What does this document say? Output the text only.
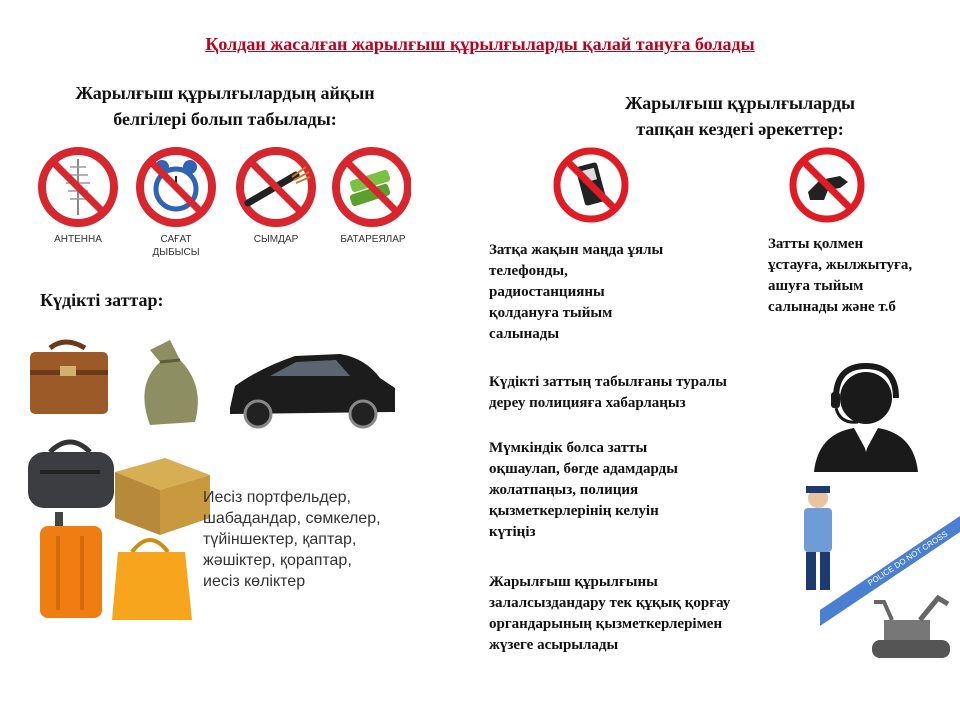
Қолдан жасалған жарылғыш құрылғыларды қалай тануға болады
Жарылғыш құрылғылардың айқын
белгілері болып табылады:
АНТЕННА	САҒАТ
ДЫБЫСЫ
СЫМДАР	БАТАРЕЯЛАР
Күдікті заттар:
Иесіз портфельдер,
шабадандар, сөмкелер,
түйіншектер, қаптар,
жәшіктер, қораптар,
иесіз көліктер
Жарылғыш құрылғыларды
тапқан кездегі әрекеттер:
Затқа жақын маңда ұялы
телефонды,
радиостанцияны
қолдануға тыйым
салынады
Затты қолмен
ұстауға, жылжытуға,
ашуға тыйым
салынады және т.б
Күдікті заттың табылғаны туралы
дереу полицияға хабарлаңыз
Мүмкіндік болса затты
оқшаулап, бөгде адамдарды
жолатпаңыз, полиция
қызметкерлерінің келуін
күтіңіз
Жарылғыш құрылғыны
залалсыздандару тек құқық қорғау
органдарының қызметкерлерімен
жүзеге асырылады
POLICE DO NOT CROSS
